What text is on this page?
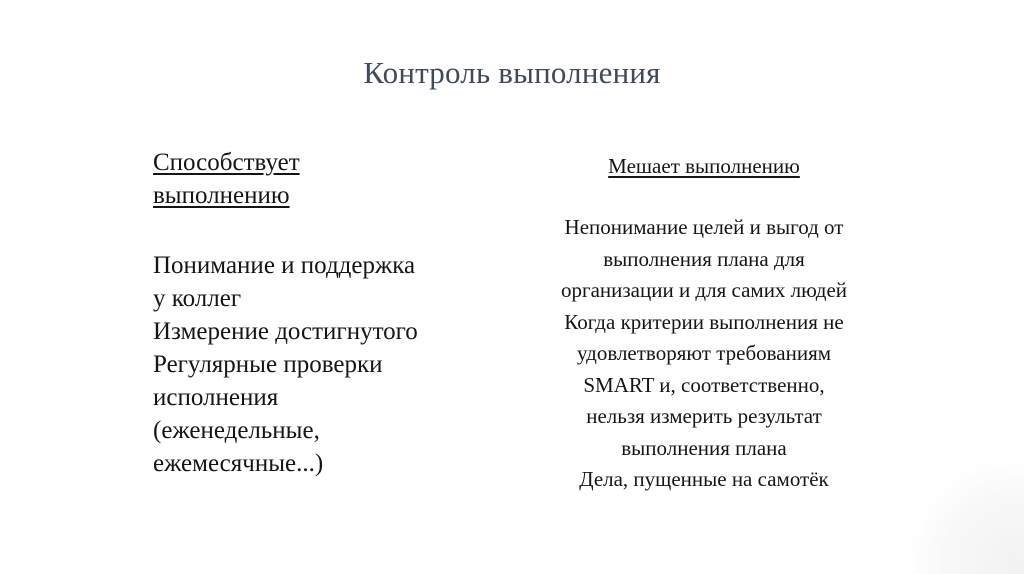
Контроль выполнения
Способствует
выполнению
Понимание и поддержка
у коллег
Измерение достигнутого
Регулярные проверки
исполнения
(еженедельные,
ежемесячные...)
Мешает выполнению
Непонимание целей и выгод от
выполнения плана для
организации и для самих людей
Когда критерии выполнения не
удовлетворяют требованиям
SMART и, соответственно,
нельзя измерить результат
выполнения плана
Дела, пущенные на самотёк
